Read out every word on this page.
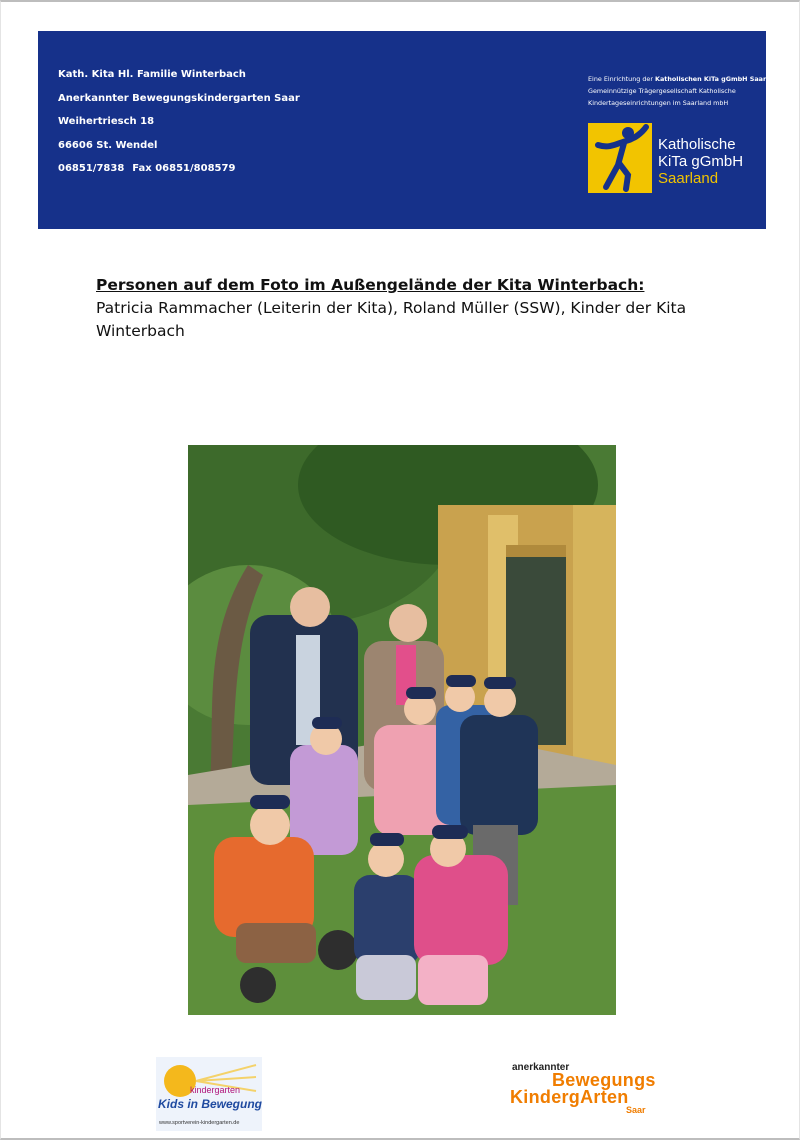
Kath. Kita Hl. Familie Winterbach
Anerkannter Bewegungskindergarten Saar
Weihertriesch 18
66606 St. Wendel
06851/7838 Fax 06851/808579
Eine Einrichtung der Katholischen KiTa gGmbH Saarland
Gemeinnützige Trägergesellschaft Katholische
Kindertageseinrichtungen im Saarland mbH
Katholische
KiTa gGmbH
Saarland
Personen auf dem Foto im Außengelände der Kita Winterbach:
Patricia Rammacher (Leiterin der Kita), Roland Müller (SSW), Kinder der Kita Winterbach
kindergarten
Kids in Bewegung
www.sportverein-kindergarten.de
anerkannter
Bewegungs
KindergArten
Saar
